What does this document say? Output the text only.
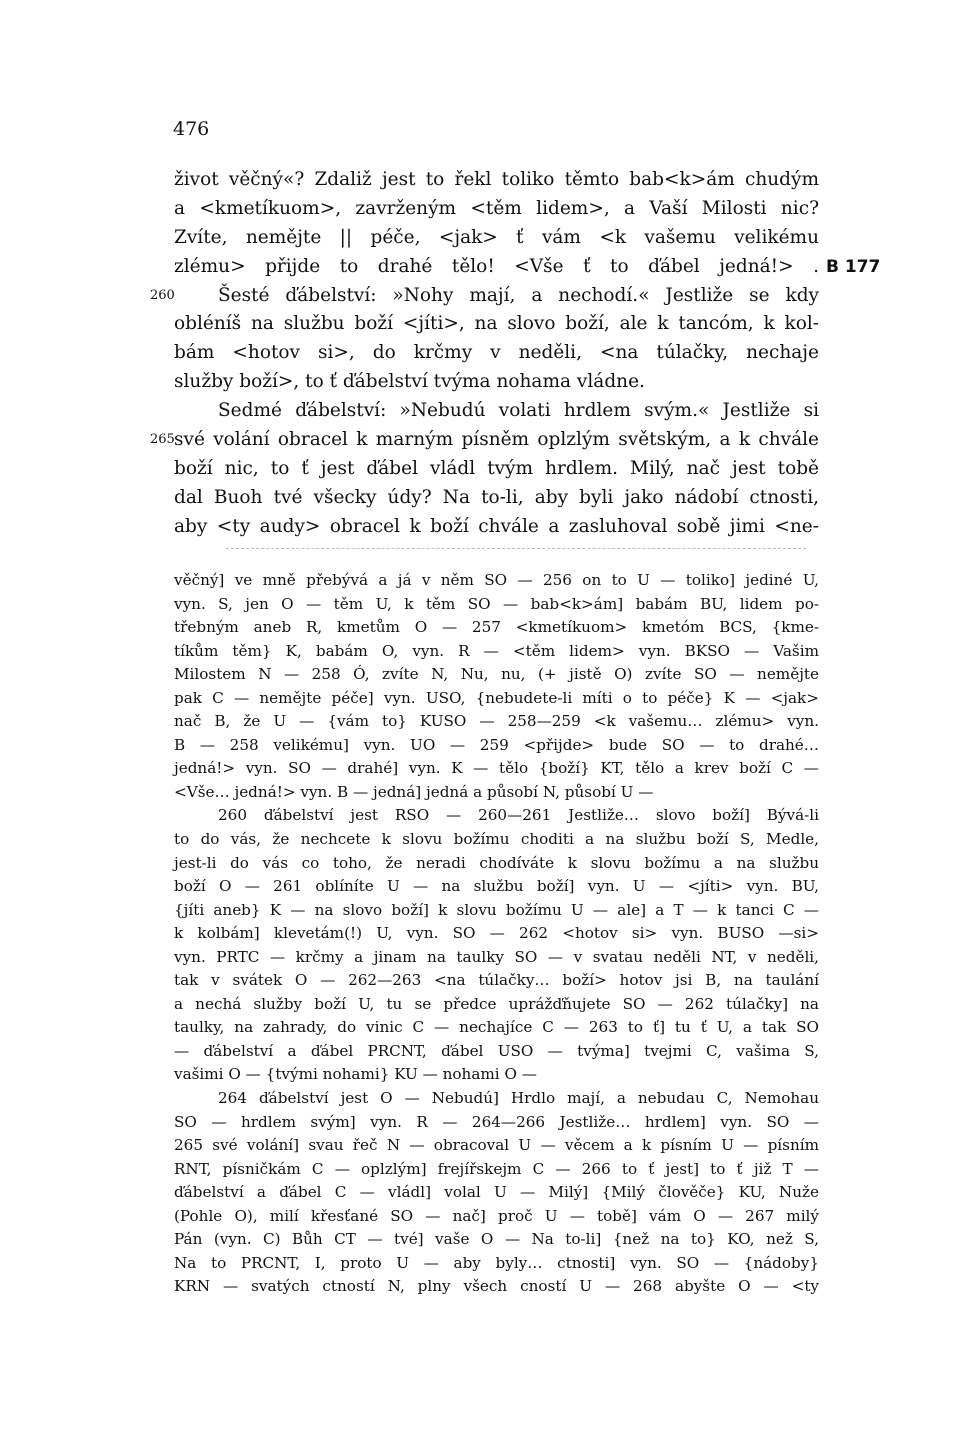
476
260
265
B 177
život věčný«? Zdaliž jest to řekl toliko těmto bab<k>ám chudým
a <kmetíkuom>, zavrženým <těm lidem>, a Vaší Milosti nic?
Zvíte, nemějte || péče, <jak> ť vám <k vašemu velikému
zlému> přijde to drahé tělo! <Vše ť to ďábel jedná!> .
Šesté ďábelství: »Nohy mají, a nechodí.« Jestliže se kdy
obléníš na službu boží <jíti>, na slovo boží, ale k tancóm, k kol-
bám <hotov si>, do krčmy v neděli, <na túlačky, nechaje
služby boží>, to ť ďábelství tvýma nohama vládne.
Sedmé ďábelství: »Nebudú volati hrdlem svým.« Jestliže si
své volání obracel k marným písněm oplzlým světským, a k chvále
boží nic, to ť jest ďábel vládl tvým hrdlem. Milý, nač jest tobě
dal Buoh tvé všecky údy? Na to-li, aby byli jako nádobí ctnosti,
aby <ty audy> obracel k boží chvále a zasluhoval sobě jimi <ne-
věčný] ve mně přebývá a já v něm SO — 256 on to U — toliko] jediné U,
vyn. S, jen O — těm U, k těm SO — bab<k>ám] babám BU, lidem po-
třebným aneb R, kmetům O — 257 <kmetíkuom> kmetóm BCS, {kme-
tíkům těm} K, babám O, vyn. R — <těm lidem> vyn. BKSO — Vašim
Milostem N — 258 Ó, zvíte N, Nu, nu, (+ jistě O) zvíte SO — nemějte
pak C — nemějte péče] vyn. USO, {nebudete-li míti o to péče} K — <jak>
nač B, že U — {vám to} KUSO — 258—259 <k vašemu… zlému> vyn.
B — 258 velikému] vyn. UO — 259 <přijde> bude SO — to drahé…
jedná!> vyn. SO — drahé] vyn. K — tělo {boží} KT, tělo a krev boží C —
<Vše… jedná!> vyn. B — jedná] jedná a působí N, působí U —
260 ďábelství jest RSO — 260—261 Jestliže… slovo boží] Bývá-li
to do vás, že nechcete k slovu božímu choditi a na službu boží S, Medle,
jest-li do vás co toho, že neradi chodíváte k slovu božímu a na službu
boží O — 261 oblíníte U — na službu boží] vyn. U — <jíti> vyn. BU,
{jíti aneb} K — na slovo boží] k slovu božímu U — ale] a T — k tanci C —
k kolbám] klevetám(!) U, vyn. SO — 262 <hotov si> vyn. BUSO —si>
vyn. PRTC — krčmy a jinam na taulky SO — v svatau neděli NT, v neděli,
tak v svátek O — 262—263 <na túlačky… boží> hotov jsi B, na taulání
a nechá služby boží U, tu se předce uprážďňujete SO — 262 túlačky] na
taulky, na zahrady, do vinic C — nechajíce C — 263 to ť] tu ť U, a tak SO
— ďábelství a ďábel PRCNT, ďábel USO — tvýma] tvejmi C, vašima S,
vašimi O — {tvými nohami} KU — nohami O —
264 ďábelství jest O — Nebudú] Hrdlo mají, a nebudau C, Nemohau
SO — hrdlem svým] vyn. R — 264—266 Jestliže… hrdlem] vyn. SO —
265 své volání] svau řeč N — obracoval U — věcem a k písním U — písním
RNT, písničkám C — oplzlým] frejířskejm C — 266 to ť jest] to ť již T —
ďábelství a ďábel C — vládl] volal U — Milý] {Milý člověče} KU, Nuže
(Pohle O), milí křesťané SO — nač] proč U — tobě] vám O — 267 milý
Pán (vyn. C) Bůh CT — tvé] vaše O — Na to-li] {než na to} KO, než S,
Na to PRCNT, I, proto U — aby byly… ctnosti] vyn. SO — {nádoby}
KRN — svatých ctností N, plny všech cností U — 268 abyšte O — <ty
